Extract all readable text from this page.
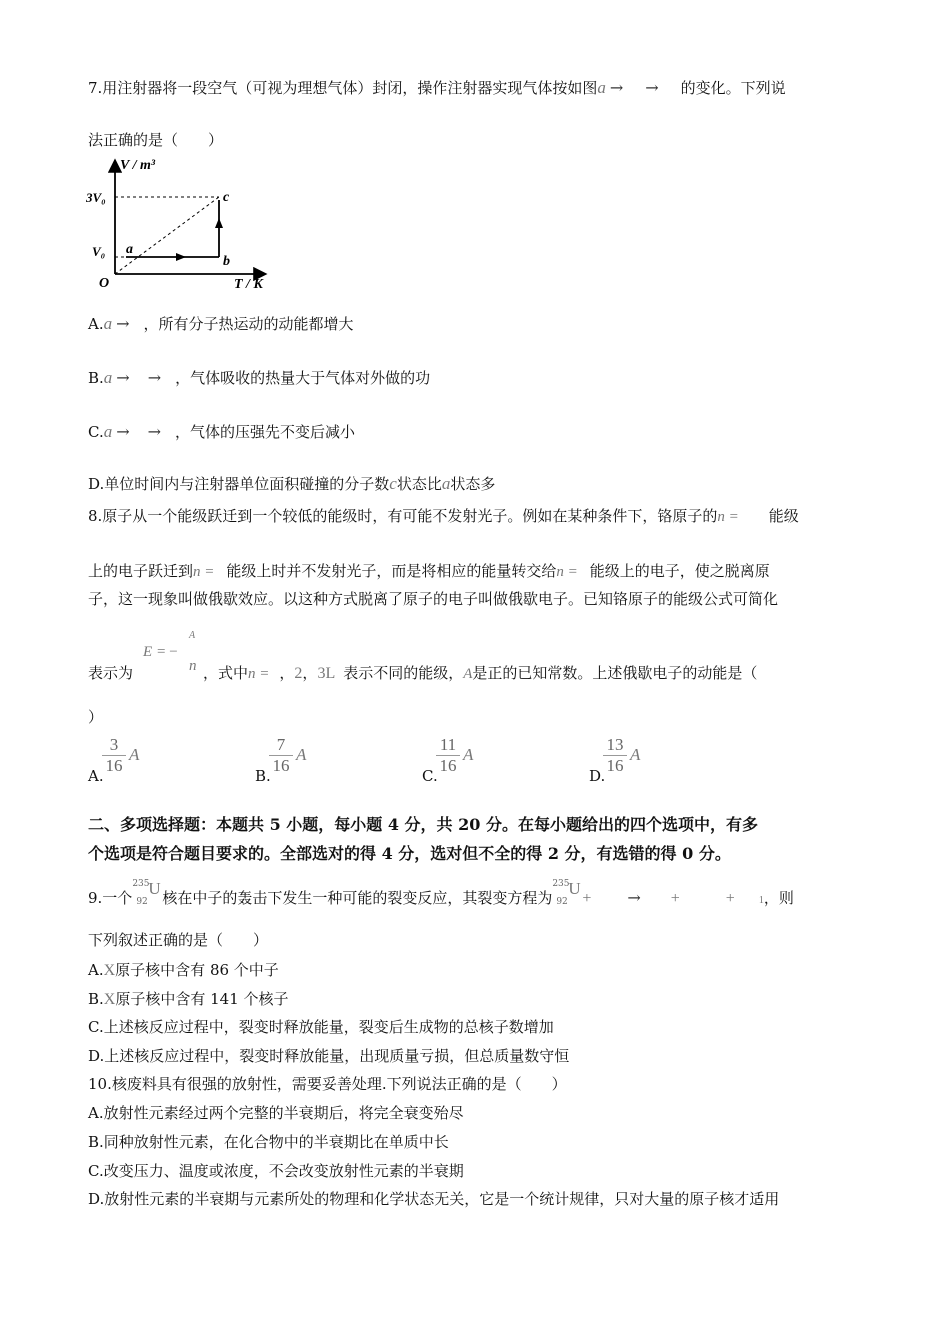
7.用注射器将一段空气（可视为理想气体）封闭，操作注射器实现气体按如图a → → 的变化。下列说
法正确的是（　　）
V / m³
T / K
O
3V₀
V₀ a
b
c
A.a → ，所有分子热运动的动能都增大
B.a → → ，气体吸收的热量大于气体对外做的功
C.a → → ，气体的压强先不变后减小
D.单位时间内与注射器单位面积碰撞的分子数c状态比a状态多
8.原子从一个能级跃迁到一个较低的能级时，有可能不发射光子。例如在某种条件下，铬原子的n = 能级
上的电子跃迁到n = 能级上时并不发射光子，而是将相应的能量转交给n = 能级上的电子，使之脱离原
子，这一现象叫做俄歇效应。以这种方式脱离了原子的电子叫做俄歇电子。已知铬原子的能级公式可简化
表示为
E = −
A
n ，式中n = ，2，3L 表示不同的能级，A是正的已知常数。上述俄歇电子的动能是（
）
A.
3
16
A
B.
7
16
A
C.
11
16
A
D.
13
16
A
二、多项选择题：本题共 5 小题，每小题 4 分，共 20 分。在每小题给出的四个选项中，有多
个选项是符合题目要求的。全部选对的得 4 分，选对但不全的得 2 分，有选错的得 0 分。
9.一个
235
92
U 核在中子的轰击下发生一种可能的裂变反应，其裂变方程为
235
92
U
+ → +	+ 1，则
下列叙述正确的是（　　）
A.X原子核中含有 86 个中子
B.X原子核中含有 141 个核子
C.上述核反应过程中，裂变时释放能量，裂变后生成物的总核子数增加
D.上述核反应过程中，裂变时释放能量，出现质量亏损，但总质量数守恒
10.核废料具有很强的放射性，需要妥善处理.下列说法正确的是（　　）
A.放射性元素经过两个完整的半衰期后，将完全衰变殆尽
B.同种放射性元素，在化合物中的半衰期比在单质中长
C.改变压力、温度或浓度，不会改变放射性元素的半衰期
D.放射性元素的半衰期与元素所处的物理和化学状态无关，它是一个统计规律，只对大量的原子核才适用
